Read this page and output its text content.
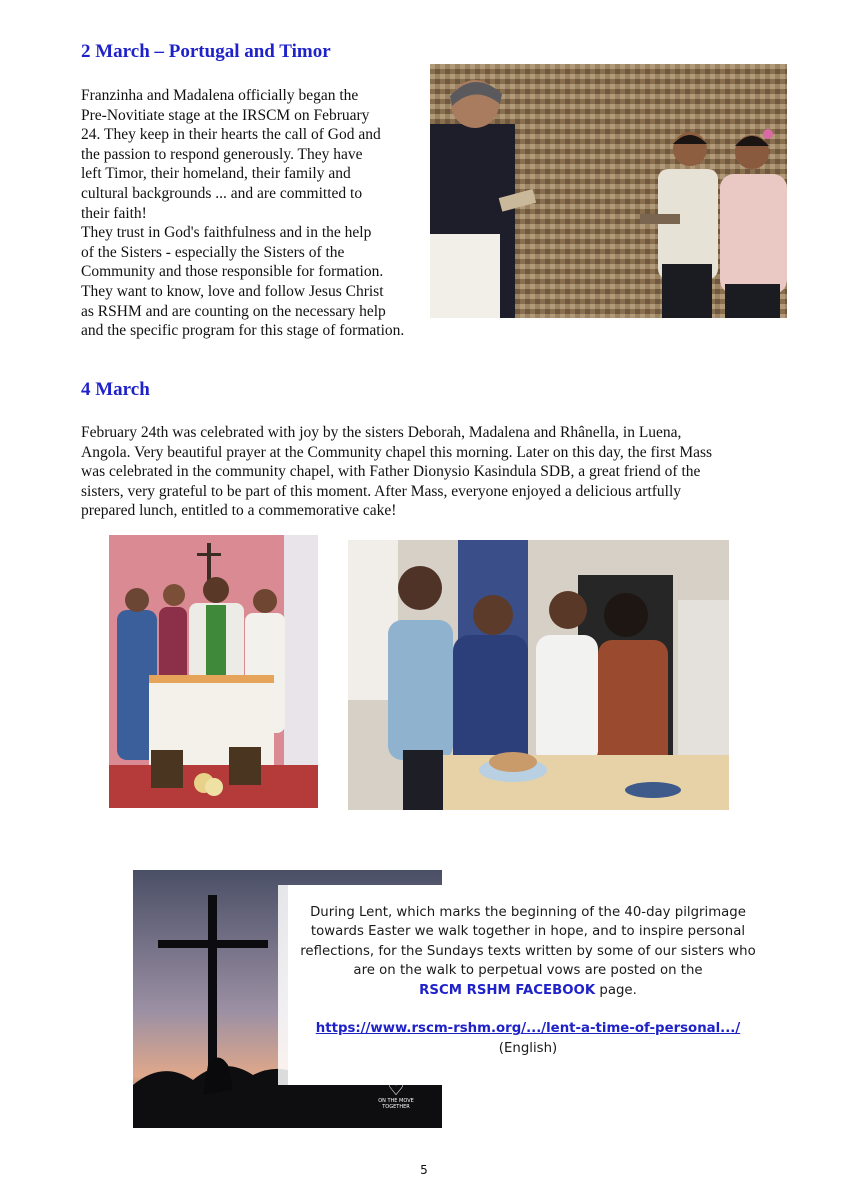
2 March – Portugal and Timor
Franzinha and Madalena officially began the
Pre-Novitiate stage at the IRSCM on February
24. They keep in their hearts the call of God and
the passion to respond generously. They have
left Timor, their homeland, their family and
cultural backgrounds ... and are committed to
their faith!
They trust in God's faithfulness and in the help
of the Sisters - especially the Sisters of the
Community and those responsible for formation.
They want to know, love and follow Jesus Christ
as RSHM and are counting on the necessary help
and the specific program for this stage of formation.
4 March
February 24th was celebrated with joy by the sisters Deborah, Madalena and Rhânella, in Luena,
Angola. Very beautiful prayer at the Community chapel this morning. Later on this day, the first Mass
was celebrated in the community chapel, with Father Dionysio Kasindula SDB, a great friend of the
sisters, very grateful to be part of this moment. After Mass, everyone enjoyed a delicious artfully
prepared lunch, entitled to a commemorative cake!
♡
ON THE MOVE TOGETHER
During Lent, which marks the beginning of the 40-day pilgrimage
towards Easter we walk together in hope, and to inspire personal
reflections, for the Sundays texts written by some of our sisters who
are on the walk to perpetual vows are posted on the
RSCM RSHM FACEBOOK page.

https://www.rscm-rshm.org/.../lent-a-time-of-personal.../
(English)
5
